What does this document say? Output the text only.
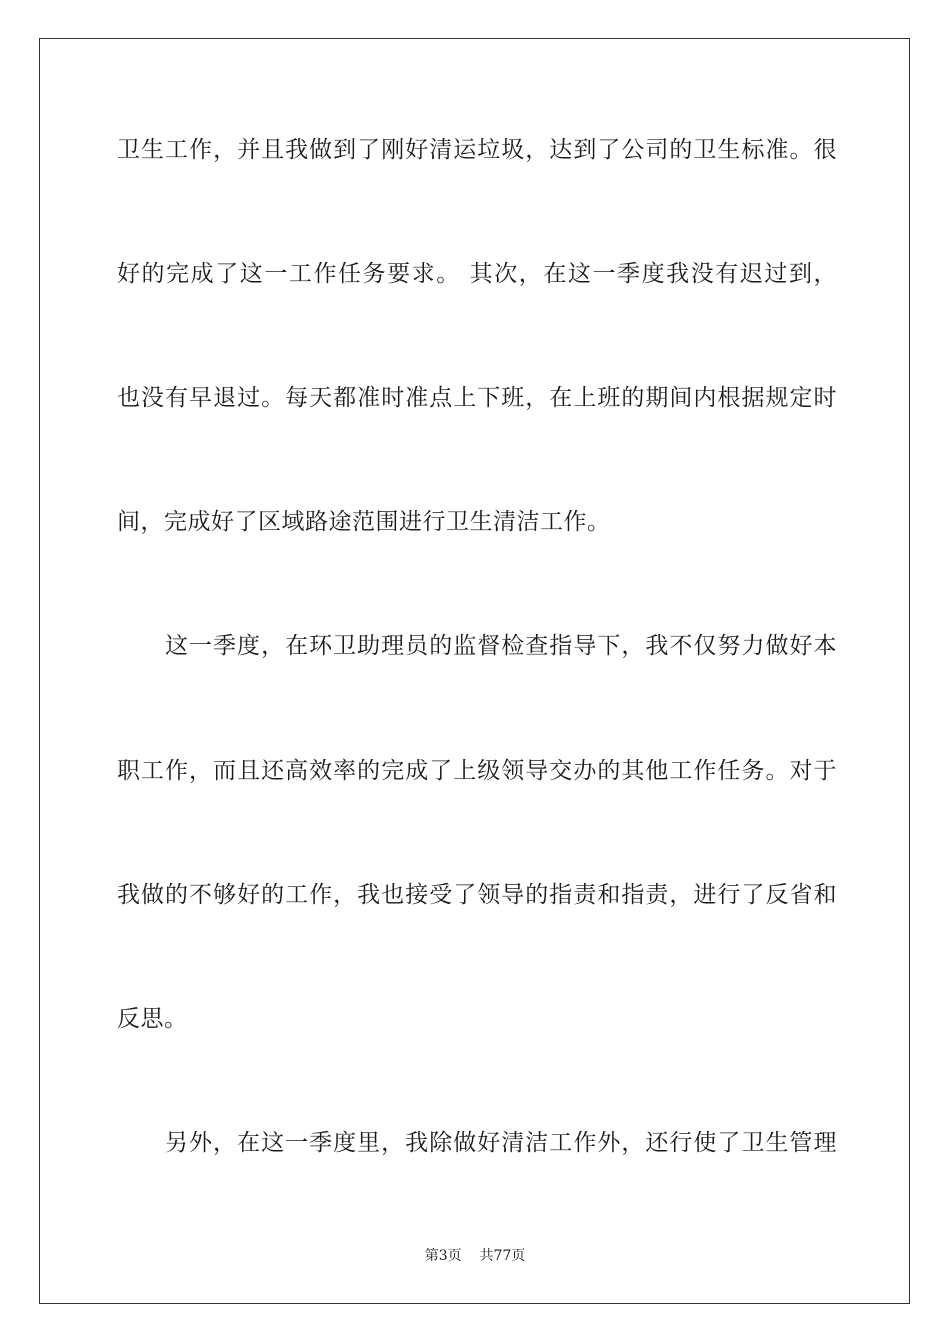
卫生工作，并且我做到了刚好清运垃圾，达到了公司的卫生标准。很
好的完成了这一工作任务要求。 其次，在这一季度我没有迟过到，
也没有早退过。每天都准时准点上下班，在上班的期间内根据规定时
间，完成好了区域路途范围进行卫生清洁工作。
这一季度，在环卫助理员的监督检查指导下，我不仅努力做好本
职工作，而且还高效率的完成了上级领导交办的其他工作任务。对于
我做的不够好的工作，我也接受了领导的指责和指责，进行了反省和
反思。
另外，在这一季度里，我除做好清洁工作外，还行使了卫生管理
第3页 共77页
